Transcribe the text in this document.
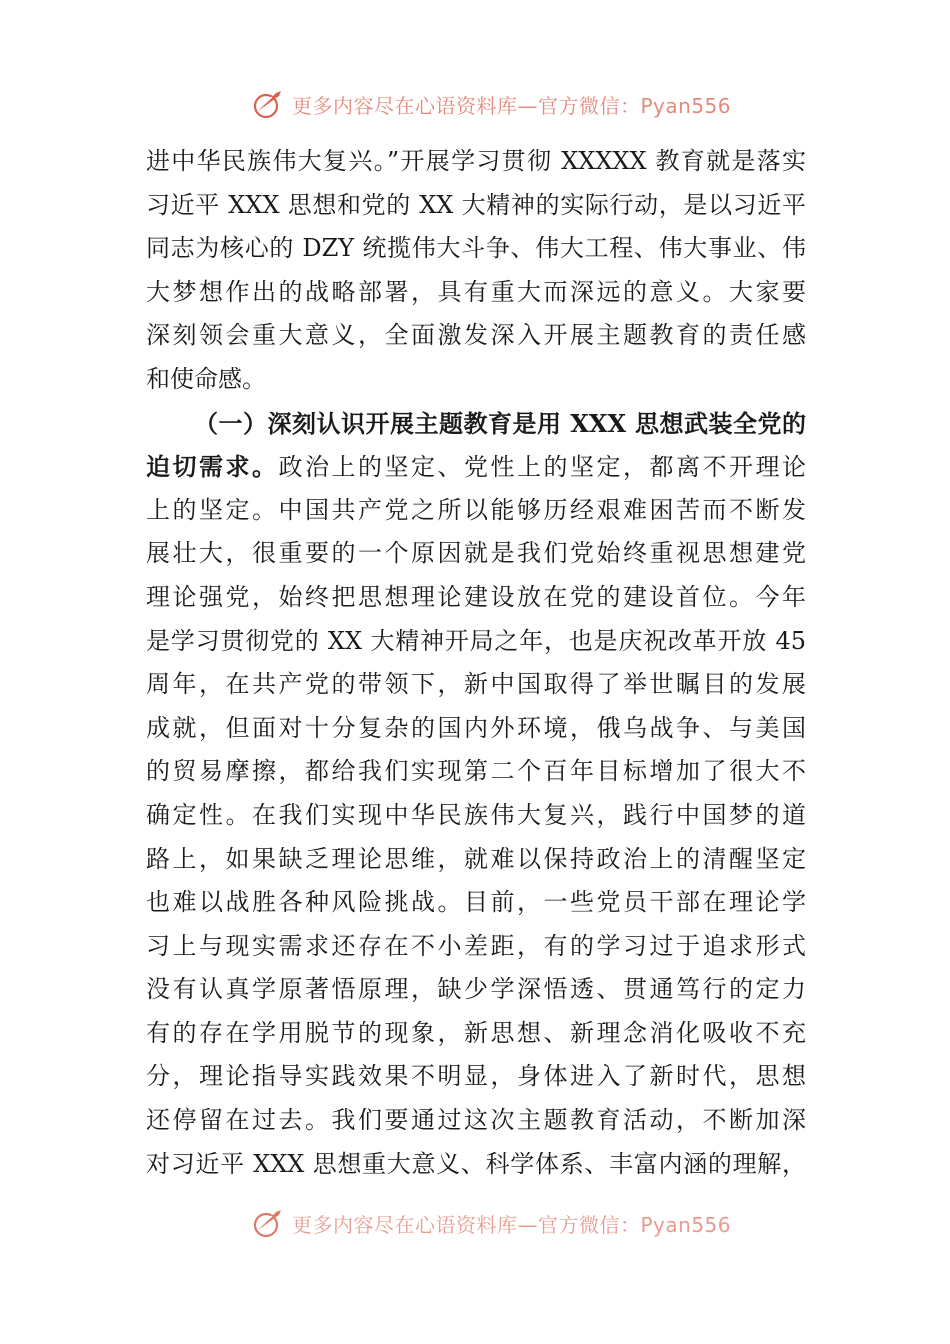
更多内容尽在心语资料库—官方微信：Pyan556
进中华民族伟大复兴。”开展学习贯彻 XXXXX 教育就是落实
习近平 XXX 思想和党的 XX 大精神的实际行动，是以习近平
同志为核心的 DZY 统揽伟大斗争、伟大工程、伟大事业、伟
大梦想作出的战略部署，具有重大而深远的意义。大家要
深刻领会重大意义，全面激发深入开展主题教育的责任感
和使命感。
（一）深刻认识开展主题教育是用 XXX 思想武装全党的
迫切需求。政治上的坚定、党性上的坚定，都离不开理论
上的坚定。中国共产党之所以能够历经艰难困苦而不断发
展壮大，很重要的一个原因就是我们党始终重视思想建党
理论强党，始终把思想理论建设放在党的建设首位。今年
是学习贯彻党的 XX 大精神开局之年，也是庆祝改革开放 45
周年，在共产党的带领下，新中国取得了举世瞩目的发展
成就，但面对十分复杂的国内外环境，俄乌战争、与美国
的贸易摩擦，都给我们实现第二个百年目标增加了很大不
确定性。在我们实现中华民族伟大复兴，践行中国梦的道
路上，如果缺乏理论思维，就难以保持政治上的清醒坚定
也难以战胜各种风险挑战。目前，一些党员干部在理论学
习上与现实需求还存在不小差距，有的学习过于追求形式
没有认真学原著悟原理，缺少学深悟透、贯通笃行的定力
有的存在学用脱节的现象，新思想、新理念消化吸收不充
分，理论指导实践效果不明显，身体进入了新时代，思想
还停留在过去。我们要通过这次主题教育活动，不断加深
对习近平 XXX 思想重大意义、科学体系、丰富内涵的理解，
更多内容尽在心语资料库—官方微信：Pyan556
